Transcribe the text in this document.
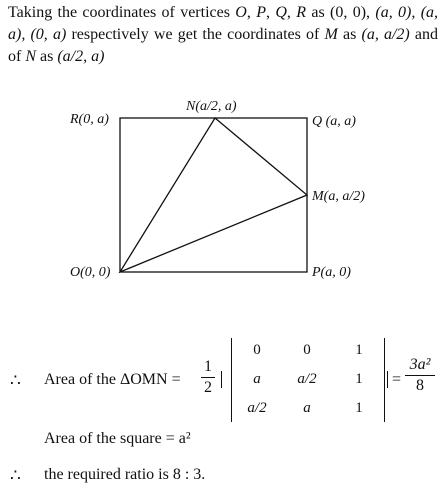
Taking the coordinates of vertices O, P, Q, R as (0, 0), (a, 0), (a, a), (0, a) respectively we get the coordinates of M as (a, a/2) and of N as (a/2, a)

R(0, a)
N(a/2, a)
Q (a, a)
M(a, a/2)
O(0, 0)	P(a, 0)
∴ Area of the ΔOMN =
1
2
0	0	1
a	a/2	1
a/2	a	1
=
3a²
8
Area of the square = a²
∴ the required ratio is 8 : 3.
